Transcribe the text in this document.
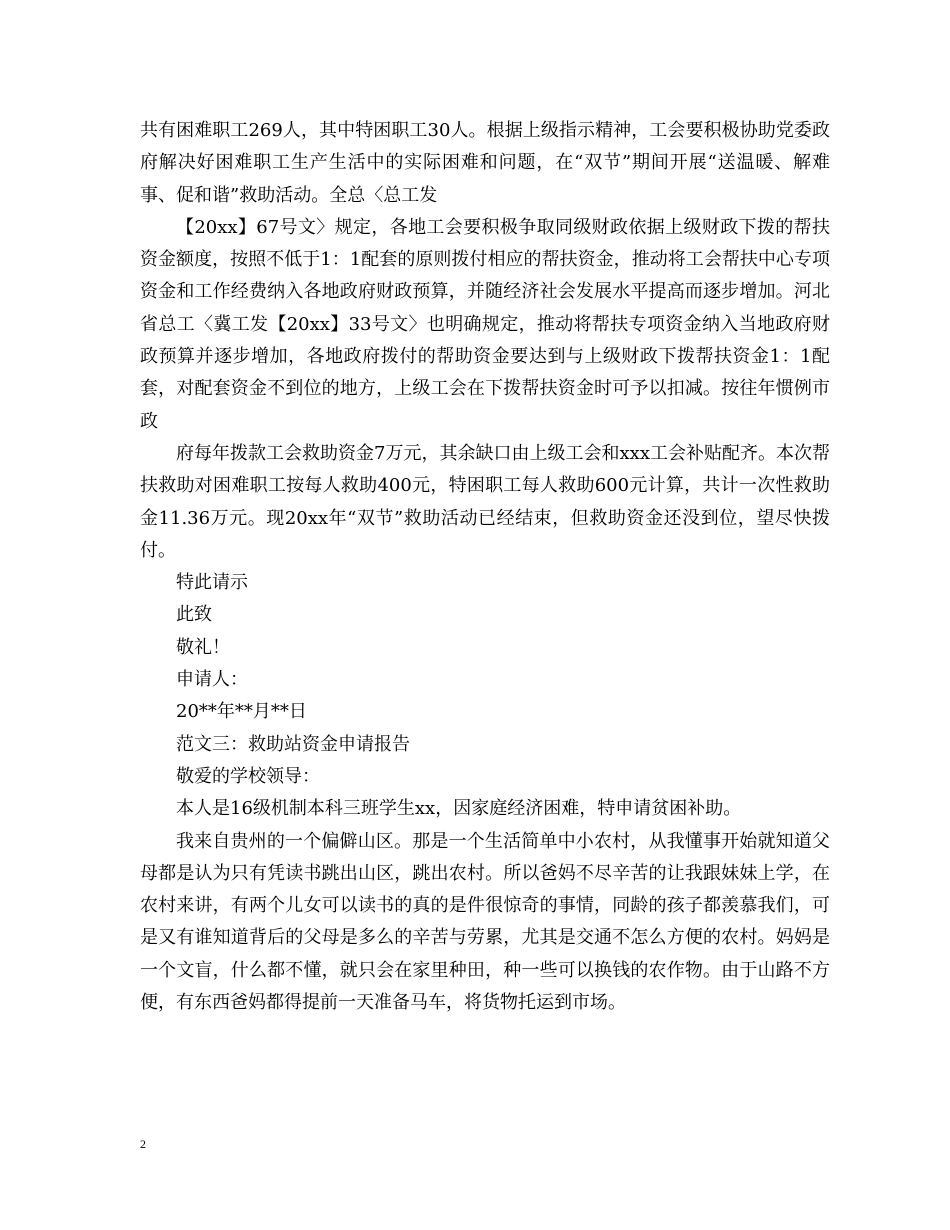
共有困难职工269人，其中特困职工30人。根据上级指示精神，工会要积极协助党委政府解决好困难职工生产生活中的实际困难和问题，在“双节”期间开展“送温暖、解难事、促和谐”救助活动。全总〈总工发

【20xx】67号文〉规定，各地工会要积极争取同级财政依据上级财政下拨的帮扶资金额度，按照不低于1：1配套的原则拨付相应的帮扶资金，推动将工会帮扶中心专项资金和工作经费纳入各地政府财政预算，并随经济社会发展水平提高而逐步增加。河北省总工〈冀工发【20xx】33号文〉也明确规定，推动将帮扶专项资金纳入当地政府财政预算并逐步增加，各地政府拨付的帮助资金要达到与上级财政下拨帮扶资金1：1配套，对配套资金不到位的地方，上级工会在下拨帮扶资金时可予以扣减。按往年惯例市政

府每年拨款工会救助资金7万元，其余缺口由上级工会和xxx工会补贴配齐。本次帮扶救助对困难职工按每人救助400元，特困职工每人救助600元计算，共计一次性救助金11.36万元。现20xx年“双节”救助活动已经结束，但救助资金还没到位，望尽快拨付。

特此请示
此致
敬礼！
申请人：
20**年**月**日
范文三：救助站资金申请报告
敬爱的学校领导：
本人是16级机制本科三班学生xx，因家庭经济困难，特申请贫困补助。

我来自贵州的一个偏僻山区。那是一个生活简单中小农村，从我懂事开始就知道父母都是认为只有凭读书跳出山区，跳出农村。所以爸妈不尽辛苦的让我跟妹妹上学，在农村来讲，有两个儿女可以读书的真的是件很惊奇的事情，同龄的孩子都羡慕我们，可是又有谁知道背后的父母是多么的辛苦与劳累，尤其是交通不怎么方便的农村。妈妈是一个文盲，什么都不懂，就只会在家里种田，种一些可以换钱的农作物。由于山路不方便，有东西爸妈都得提前一天准备马车，将货物托运到市场。

2
